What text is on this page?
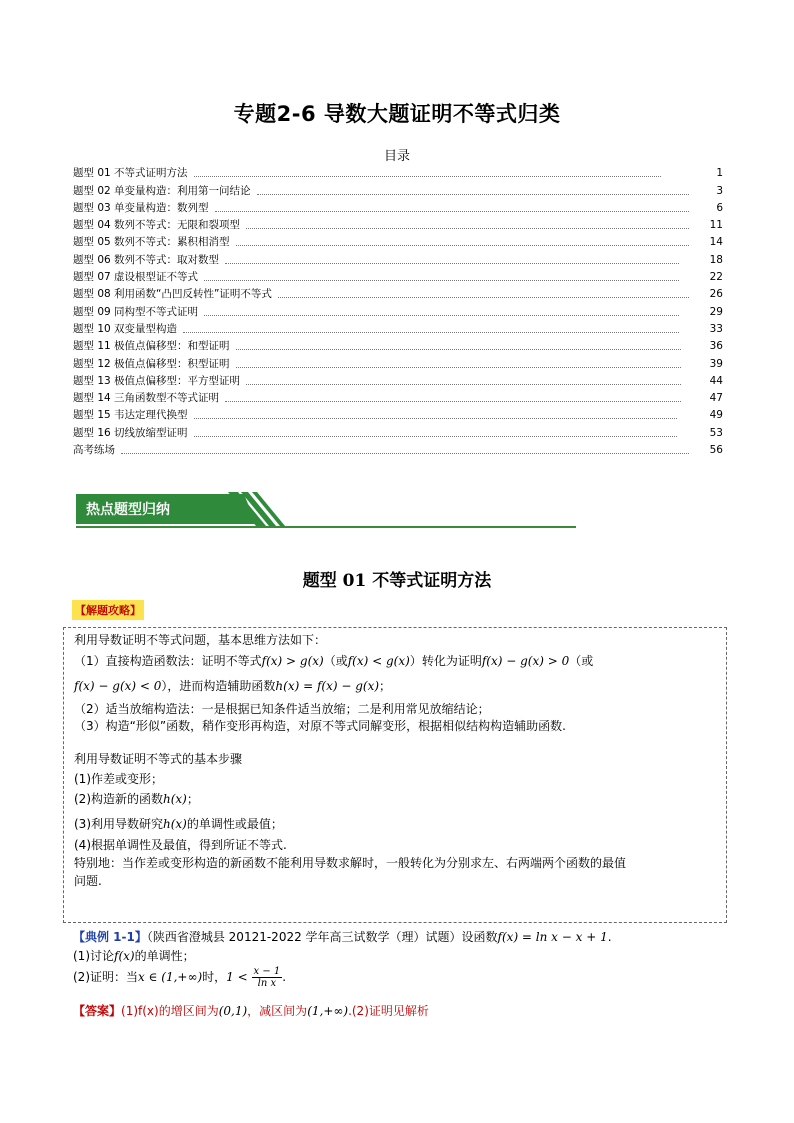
专题2-6 导数大题证明不等式归类
目录
题型 01 不等式证明方法	1
题型 02 单变量构造：利用第一问结论	3
题型 03 单变量构造：数列型	6
题型 04 数列不等式：无限和裂项型	11
题型 05 数列不等式：累积相消型	14
题型 06 数列不等式：取对数型	18
题型 07 虚设根型证不等式	22
题型 08 利用函数“凸凹反转性”证明不等式	26
题型 09 同构型不等式证明	29
题型 10 双变量型构造	33
题型 11 极值点偏移型：和型证明	36
题型 12 极值点偏移型：积型证明	39
题型 13 极值点偏移型：平方型证明	44
题型 14 三角函数型不等式证明	47
题型 15 韦达定理代换型	49
题型 16 切线放缩型证明	53
高考练场	56
热点题型归纳
题型 01 不等式证明方法
【解题攻略】
利用导数证明不等式问题，基本思维方法如下：
（1）直接构造函数法：证明不等式f(x) > g(x)（或f(x) < g(x)）转化为证明f(x) − g(x) > 0（或
f(x) − g(x) < 0），进而构造辅助函数h(x) = f(x) − g(x)；
（2）适当放缩构造法：一是根据已知条件适当放缩；二是利用常见放缩结论；
（3）构造“形似”函数，稍作变形再构造，对原不等式同解变形，根据相似结构构造辅助函数.
利用导数证明不等式的基本步骤
(1)作差或变形；
(2)构造新的函数h(x)；
(3)利用导数研究h(x)的单调性或最值；
(4)根据单调性及最值，得到所证不等式.
特别地：当作差或变形构造的新函数不能利用导数求解时，一般转化为分别求左、右两端两个函数的最值
问题.
【典例 1-1】（陕西省澄城县 20121-2022 学年高三试数学（理）试题）设函数f(x) = ln x − x + 1.
(1)讨论f(x)的单调性；
(2)证明：当x ∈ (1,+∞)时，$1 < \frac{x - 1}{\text{ln x}}$ .
【答案】(1)f(x)的增区间为(0,1)，减区间为(1,+∞).(2)证明见解析
